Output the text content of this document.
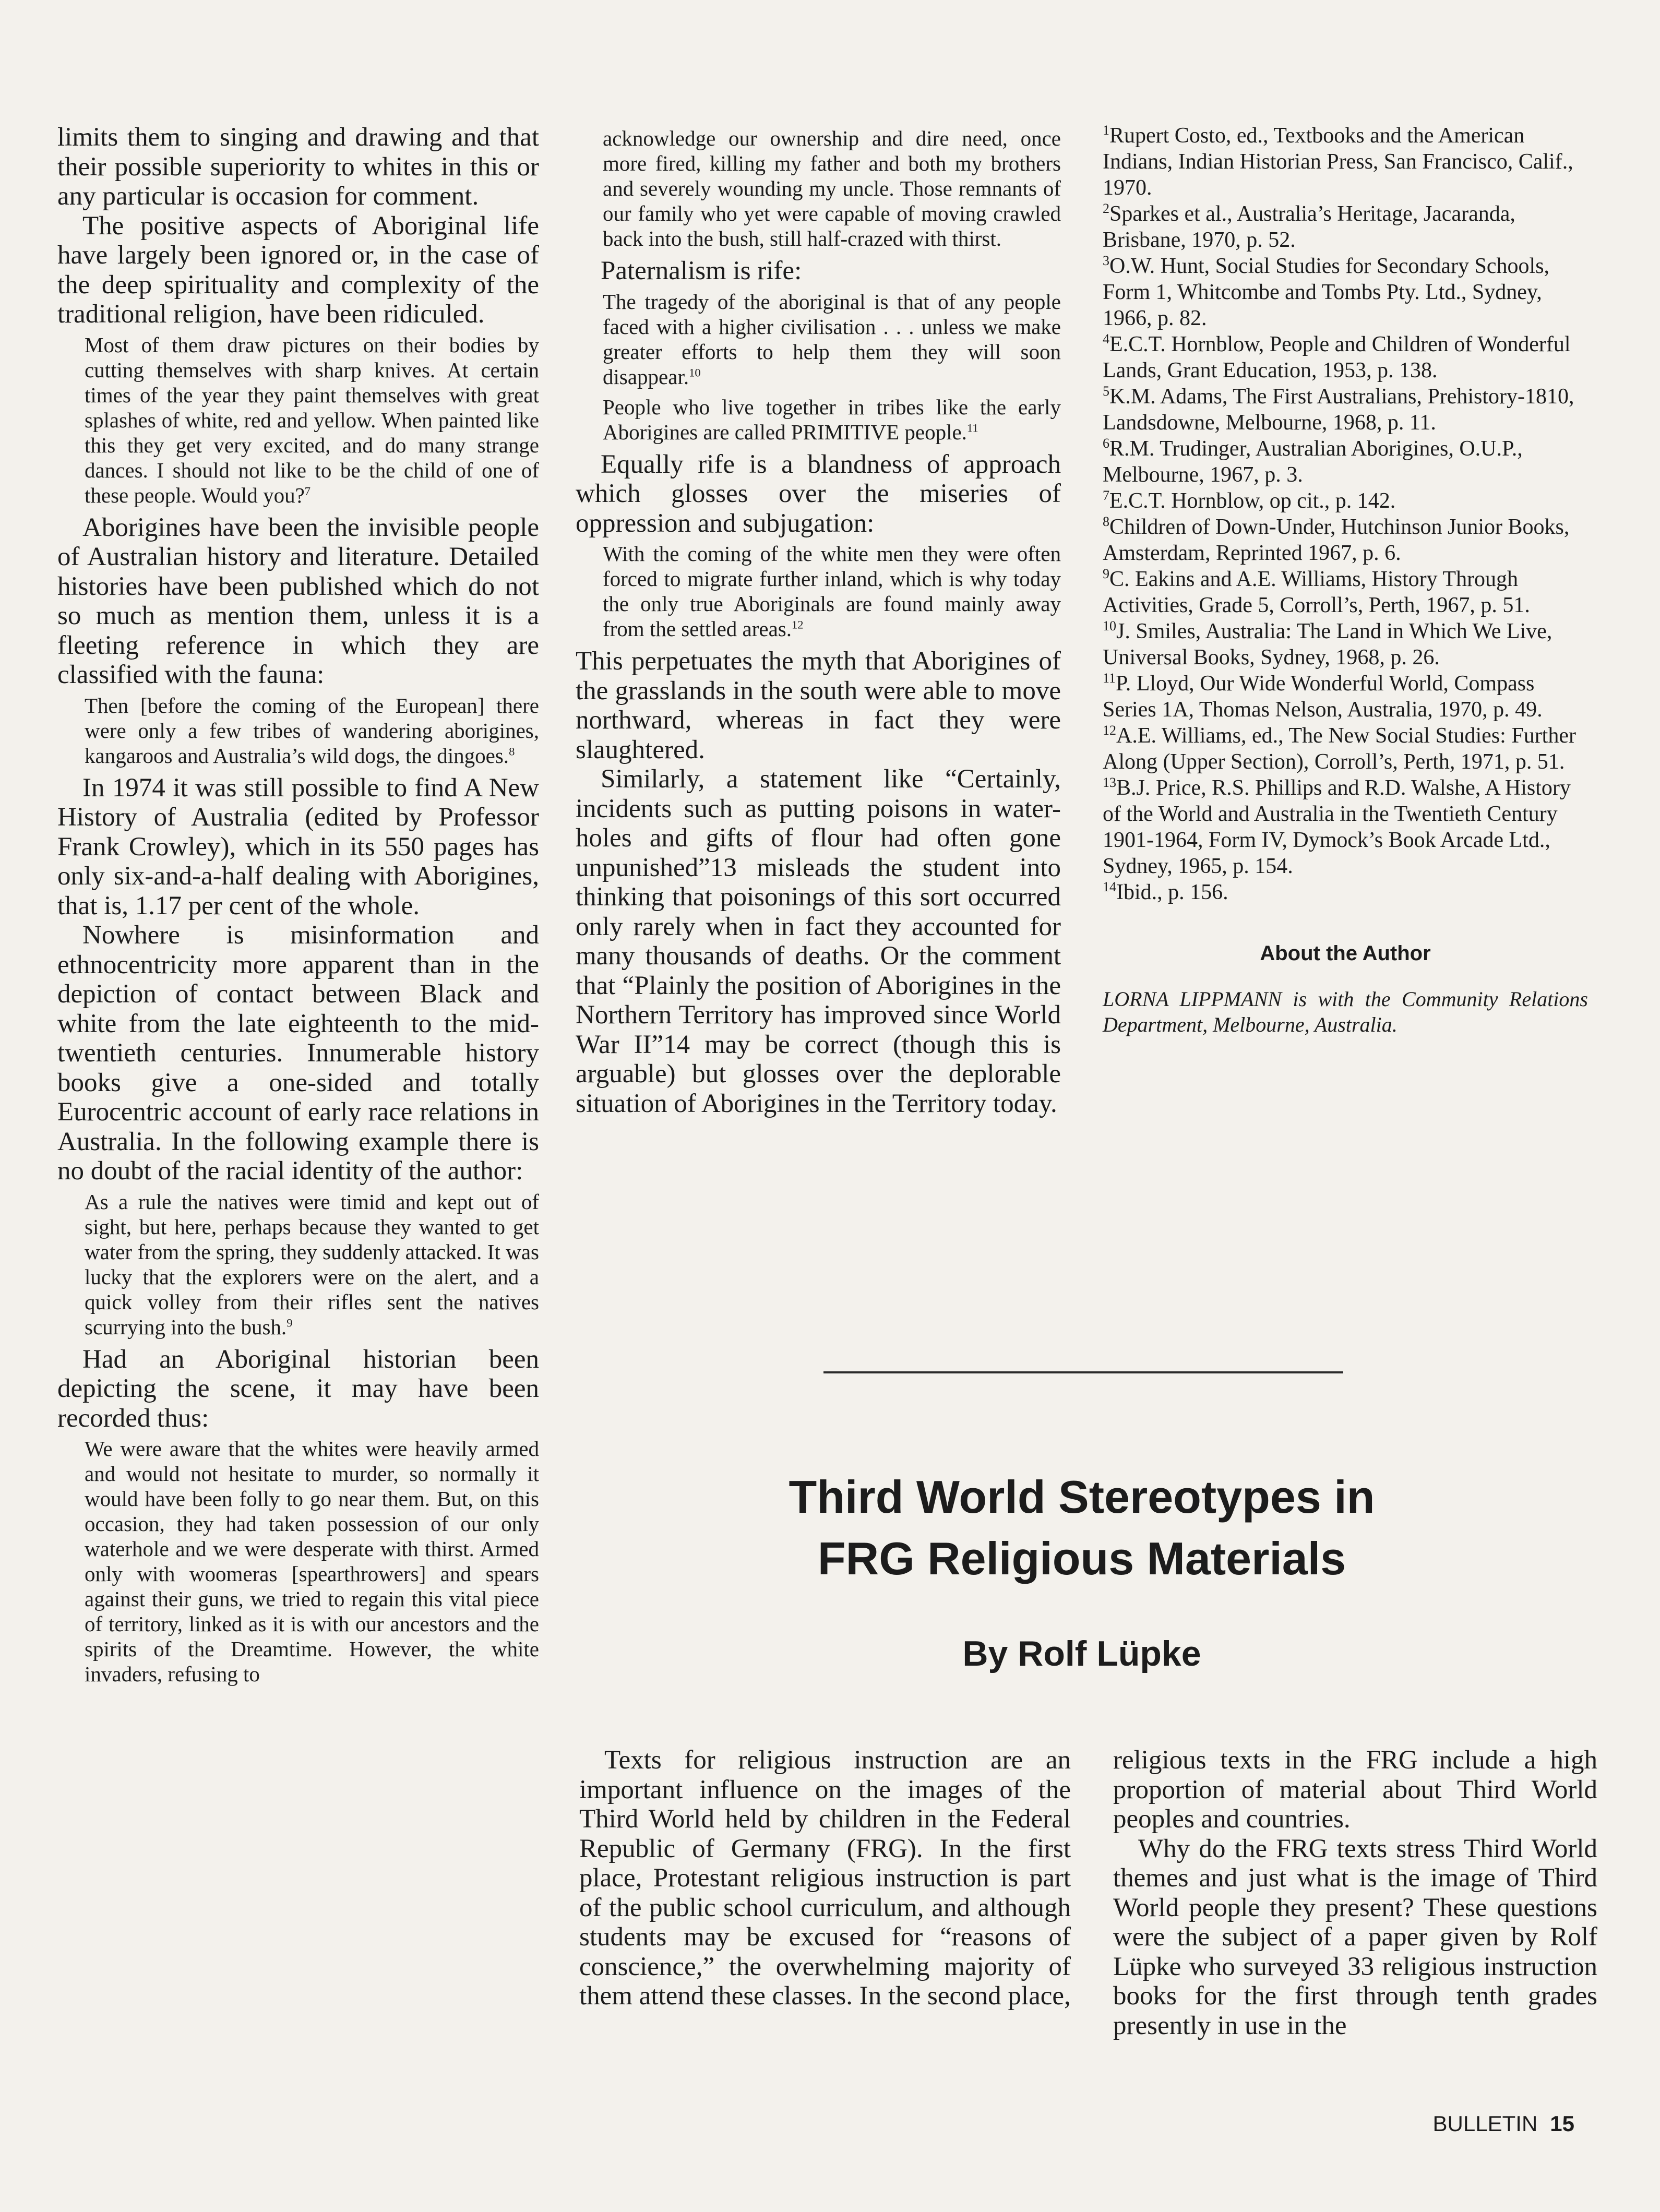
limits them to singing and drawing and that their possible superiority to whites in this or any particular is occasion for comment.

The positive aspects of Aboriginal life have largely been ignored or, in the case of the deep spirituality and complexity of the traditional religion, have been ridiculed.

Most of them draw pictures on their bodies by cutting themselves with sharp knives. At certain times of the year they paint themselves with great splashes of white, red and yellow. When painted like this they get very excited, and do many strange dances. I should not like to be the child of one of these people. Would you?$^7$

Aborigines have been the invisible people of Australian history and literature. Detailed histories have been published which do not so much as mention them, unless it is a fleeting reference in which they are classified with the fauna:

Then [before the coming of the European] there were only a few tribes of wandering aborigines, kangaroos and Australia’s wild dogs, the dingoes.$^8$

In 1974 it was still possible to find A New History of Australia (edited by Professor Frank Crowley), which in its 550 pages has only six-and-a-half dealing with Aborigines, that is, 1.17 per cent of the whole.

Nowhere is misinformation and ethnocentricity more apparent than in the depiction of contact between Black and white from the late eighteenth to the mid-twentieth centuries. Innumerable history books give a one-sided and totally Eurocentric account of early race relations in Australia. In the following example there is no doubt of the racial identity of the author:

As a rule the natives were timid and kept out of sight, but here, perhaps because they wanted to get water from the spring, they suddenly attacked. It was lucky that the explorers were on the alert, and a quick volley from their rifles sent the natives scurrying into the bush.$^9$

Had an Aboriginal historian been depicting the scene, it may have been recorded thus:

We were aware that the whites were heavily armed and would not hesitate to murder, so normally it would have been folly to go near them. But, on this occasion, they had taken possession of our only waterhole and we were desperate with thirst. Armed only with woomeras [spearthrowers] and spears against their guns, we tried to regain this vital piece of territory, linked as it is with our ancestors and the spirits of the Dreamtime. However, the white invaders, refusing to

acknowledge our ownership and dire need, once more fired, killing my father and both my brothers and severely wounding my uncle. Those remnants of our family who yet were capable of moving crawled back into the bush, still half-crazed with thirst.

Paternalism is rife:

The tragedy of the aboriginal is that of any people faced with a higher civilisation . . . unless we make greater efforts to help them they will soon disappear.$^{10}$

People who live together in tribes like the early Aborigines are called PRIMITIVE people.$^{11}$

Equally rife is a blandness of approach which glosses over the miseries of oppression and subjugation:

With the coming of the white men they were often forced to migrate further inland, which is why today the only true Aboriginals are found mainly away from the settled areas.$^{12}$

This perpetuates the myth that Aborigines of the grasslands in the south were able to move northward, whereas in fact they were slaughtered.

Similarly, a statement like “Certainly, incidents such as putting poisons in water-holes and gifts of flour had often gone unpunished”13 misleads the student into thinking that poisonings of this sort occurred only rarely when in fact they accounted for many thousands of deaths. Or the comment that “Plainly the position of Aborigines in the Northern Territory has improved since World War II”14 may be correct (though this is arguable) but glosses over the deplorable situation of Aborigines in the Territory today.

$^1$Rupert Costo, ed., Textbooks and the American Indians, Indian Historian Press, San Francisco, Calif., 1970.

$^2$Sparkes et al., Australia’s Heritage, Jacaranda, Brisbane, 1970, p. 52.

$^3$O.W. Hunt, Social Studies for Secondary Schools, Form 1, Whitcombe and Tombs Pty. Ltd., Sydney, 1966, p. 82.

$^4$E.C.T. Hornblow, People and Children of Wonderful Lands, Grant Education, 1953, p. 138.

$^5$K.M. Adams, The First Australians, Prehistory-1810, Landsdowne, Melbourne, 1968, p. 11.

$^6$R.M. Trudinger, Australian Aborigines, O.U.P., Melbourne, 1967, p. 3.

$^7$E.C.T. Hornblow, op cit., p. 142.

$^8$Children of Down-Under, Hutchinson Junior Books, Amsterdam, Reprinted 1967, p. 6.

$^9$C. Eakins and A.E. Williams, History Through Activities, Grade 5, Corroll’s, Perth, 1967, p. 51.

$^{10}$J. Smiles, Australia: The Land in Which We Live, Universal Books, Sydney, 1968, p. 26.

$^{11}$P. Lloyd, Our Wide Wonderful World, Compass Series 1A, Thomas Nelson, Australia, 1970, p. 49.

$^{12}$A.E. Williams, ed., The New Social Studies: Further Along (Upper Section), Corroll’s, Perth, 1971, p. 51.

$^{13}$B.J. Price, R.S. Phillips and R.D. Walshe, A History of the World and Australia in the Twentieth Century 1901-1964, Form IV, Dymock’s Book Arcade Ltd., Sydney, 1965, p. 154.

$^{14}$Ibid., p. 156.

About the Author

LORNA LIPPMANN is with the Community Relations Department, Melbourne, Australia.

Third World Stereotypes in
FRG Religious Materials
By Rolf Lüpke

Texts for religious instruction are an important influence on the images of the Third World held by children in the Federal Republic of Germany (FRG). In the first place, Protestant religious instruction is part of the public school curriculum, and although students may be excused for “reasons of conscience,” the overwhelming majority of them attend these classes. In the second place,

religious texts in the FRG include a high proportion of material about Third World peoples and countries.

Why do the FRG texts stress Third World themes and just what is the image of Third World people they present? These questions were the subject of a paper given by Rolf Lüpke who surveyed 33 religious instruction books for the first through tenth grades presently in use in the

BULLETIN 15
